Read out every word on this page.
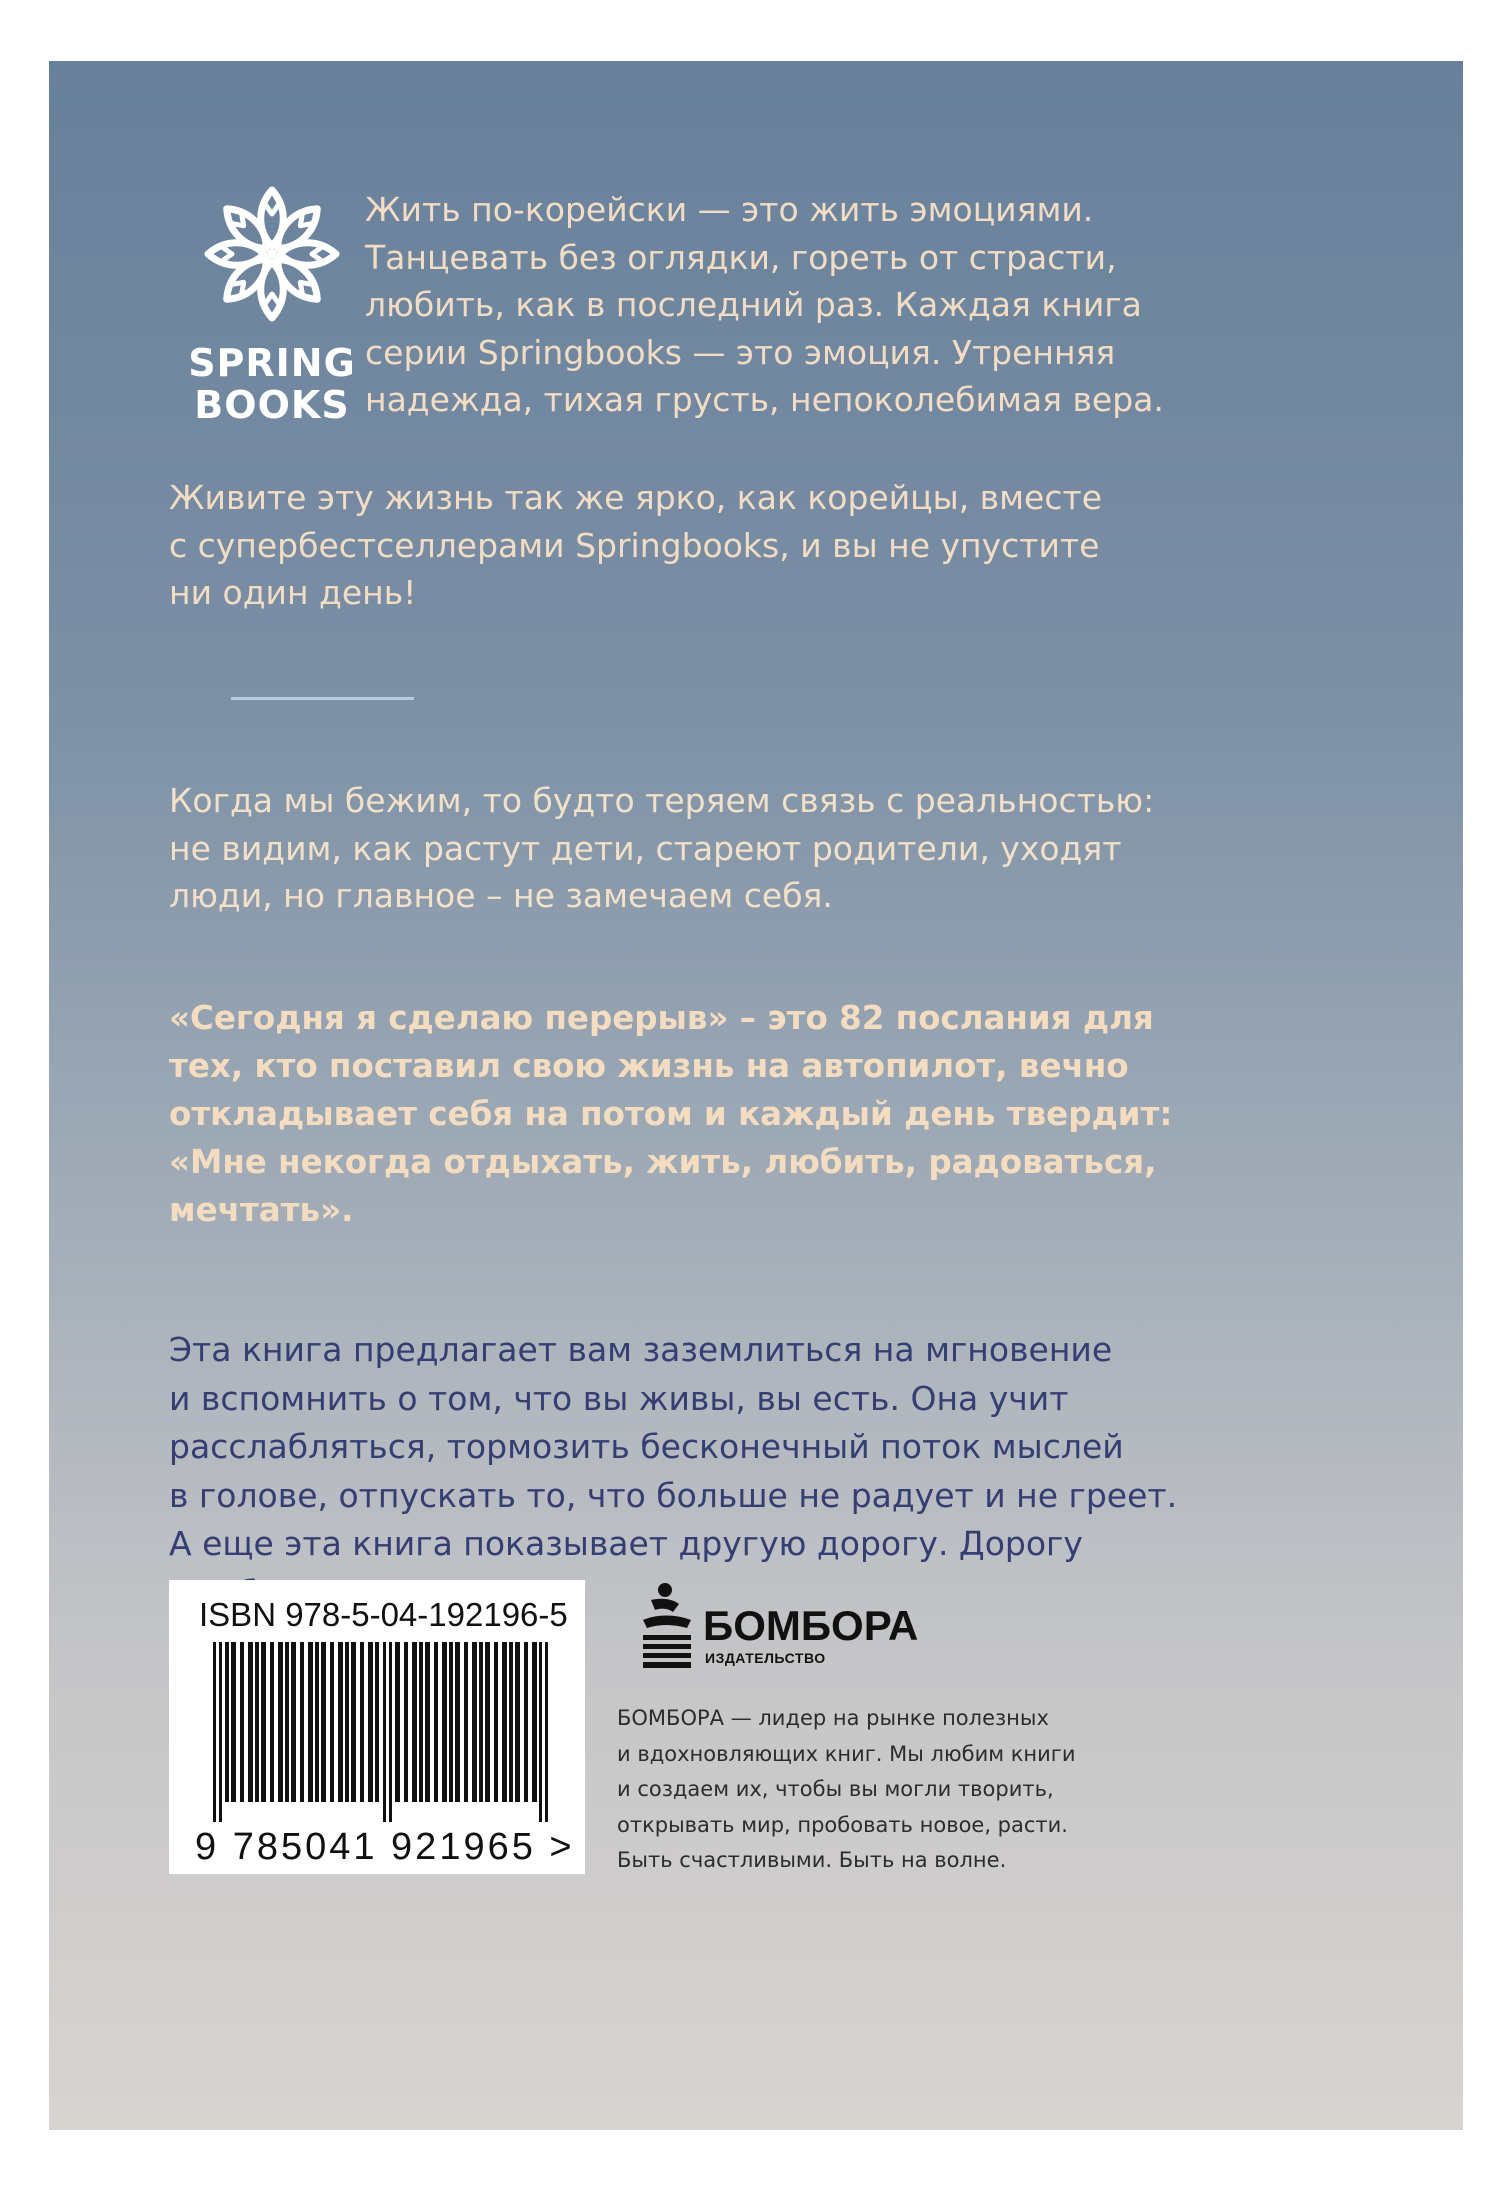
SPRING
BOOKS

Жить по-корейски — это жить эмоциями.
Танцевать без оглядки, гореть от страсти,
любить, как в последний раз. Каждая книга
серии Springbooks — это эмоция. Утренняя
надежда, тихая грусть, непоколебимая вера.

Живите эту жизнь так же ярко, как корейцы, вместе
с супербестселлерами Springbooks, и вы не упустите
ни один день!

Когда мы бежим, то будто теряем связь с реальностью:
не видим, как растут дети, стареют родители, уходят
люди, но главное – не замечаем себя.

«Сегодня я сделаю перерыв» – это 82 послания для
тех, кто поставил свою жизнь на автопилот, вечно
откладывает себя на потом и каждый день твердит:
«Мне некогда отдыхать, жить, любить, радоваться,
мечтать».

Эта книга предлагает вам заземлиться на мгновение
и вспомнить о том, что вы живы, вы есть. Она учит
расслабляться, тормозить бесконечный поток мыслей
в голове, отпускать то, что больше не радует и не греет.
А еще эта книга показывает другую дорогу. Дорогу

ISBN 978-5-04-192196-5
9 785041 921965 >
БОМБОРА
ИЗДАТЕЛЬСТВО

БОМБОРА — лидер на рынке полезных
и вдохновляющих книг. Мы любим книги
и создаем их, чтобы вы могли творить,
открывать мир, пробовать новое, расти.
Быть счастливыми. Быть на волне.
